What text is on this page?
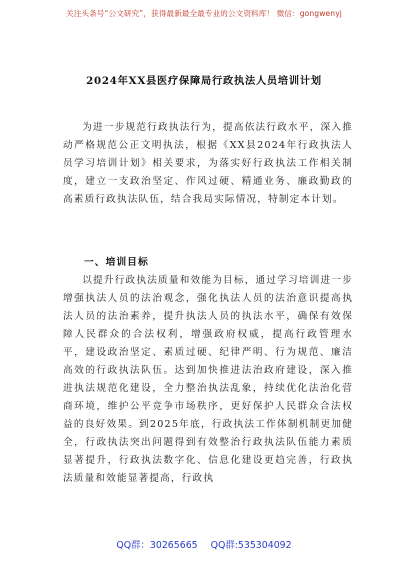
关注头条号“公文研究”，获得最新最全最专业的公文资料库！ 微信：gongwenyj
2024年XX县医疗保障局行政执法人员培训计划
为进一步规范行政执法行为，提高依法行政水平，深入推动严格规范公正文明执法，根据《XX县2024年行政执法人员学习培训计划》相关要求，为落实好行政执法工作相关制度，建立一支政治坚定、作风过硬、精通业务、廉政勤政的高素质行政执法队伍，结合我局实际情况，特制定本计划。
一、培训目标
以提升行政执法质量和效能为目标，通过学习培训进一步增强执法人员的法治观念，强化执法人员的法治意识提高执法人员的法治素养，提升执法人员的执法水平，确保有效保障人民群众的合法权利，增强政府权威，提高行政管理水平，建设政治坚定、素质过硬、纪律严明、行为规范、廉洁高效的行政执法队伍。达到加快推进法治政府建设，深入推进执法规范化建设，全力整治执法乱象，持续优化法治化营商环境，维护公平竞争市场秩序，更好保护人民群众合法权益的良好效果。到2025年底，行政执法工作体制机制更加健全，行政执法突出问题得到有效整治行政执法队伍能力素质显著提升，行政执法数字化、信息化建设更趋完善，行政执法质量和效能显著提高，行政执
QQ群：30265665 QQ群:535304092
